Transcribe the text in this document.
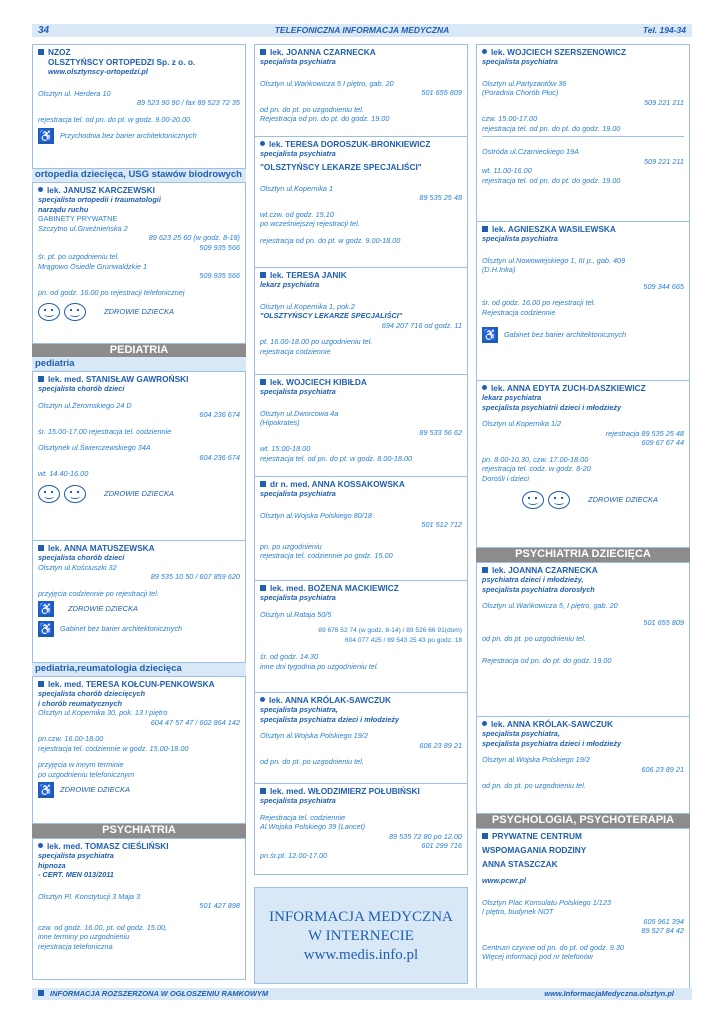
34	TELEFONICZNA INFORMACJA MEDYCZNA	Tel. 194-34
NZOZ
OLSZTYŃSCY ORTOPEDZI Sp. z o. o.
www.olsztynscy-ortopedzi.pl
Olsztyn ul. Herdera 10
89 523 90 90 / fax 89 523 72 35
rejestracja tel. od pn. do pt. w godz. 9.00-20.00
♿ Przychodnia bez barier architektonicznych
ortopedia dziecięca, USG stawów biodrowych
lek. JANUSZ KARCZEWSKI
specjalista ortopedii i traumatologii
narządu ruchu
GABINETY PRYWATNE
Szczytno ul.Gnieźnieńska 2
89 623 25 60 (w godz. 8-18)
509 935 566
śr. pt. po uzgodnieniu tel.
Mrągowo Osiedle Grunwaldzkie 1
509 935 566
pn. od godz. 16.00 po rejestracji telefonicznej
ZDROWIE DZIECKA
PEDIATRIA
pediatria
lek. med. STANISŁAW GAWROŃSKI
specjalista chorób dzieci
Olsztyn ul.Żeromskiego 24 D
604 236 674
śr. 15.00-17.00 rejestracja tel. codziennie
Olsztynek ul.Świerczewskiego 34A
604 236 674
wt. 14.40-16.00
ZDROWIE DZIECKA
lek. ANNA MATUSZEWSKA
specjalista chorób dzieci
Olsztyn ul.Kościuszki 32
89 535 10 50 / 607 859 620
przyjęcia codziennie po rejestracji tel.
♿ ZDROWIE DZIECKA
♿ Gabinet bez barier architektonicznych
pediatria,reumatologia dziecięca
lek. med. TERESA KOŁCUN-PENKOWSKA
specjalista chorób dziecięcych
i chorób reumatycznych
Olsztyn ul.Kopernika 30, pok. 13 I piętro
604 47 57 47 / 602 864 142
pn.czw. 16.00-18.00
rejestracja tel. codziennie w godz. 15.00-18.00
przyjęcia w innym terminie
po uzgodnieniu telefonicznym
♿ ZDROWIE DZIECKA
PSYCHIATRIA
lek. med. TOMASZ CIEŚLIŃSKI
specjalista psychiatra
hipnoza
- CERT. MEN 013/2011
Olsztyn Pl. Konstytucji 3 Maja 3
501 427 898
czw. od godz. 16.00, pt. od godz. 15.00,
inne terminy po uzgodnieniu
rejestracja telefoniczna
lek. JOANNA CZARNECKA
specjalista psychiatra
Olsztyn ul.Wańkowicza 5 I piętro, gab. 20
501 655 809
od pn. do pt. po uzgodnieniu tel.
Rejestracja od pn. do pt. do godz. 19.00
lek. TERESA DOROSZUK-BRONKIEWICZ
specjalista psychiatra
"OLSZTYŃSCY LEKARZE SPECJALIŚCI"
Olsztyn ul.Kopernika 1
89 535 25 48
wt.czw. od godz. 15.10
po wcześniejszej rejestracji tel.
rejestracja od pn. do pt. w godz. 9.00-18.00
lek. TERESA JANIK
lekarz psychiatra
Olsztyn ul.Kopernika 1, pok.2
"OLSZTYŃSCY LEKARZE SPECJALIŚCI"
694 207 716 od godz. 11
pt. 16.00-18.00 po uzgodnieniu tel.
rejestracja codziennie
lek. WOJCIECH KIBIŁDA
specjalista psychiatra
Olsztyn ul.Dworcowa 4a
(Hipokrates)
89 533 56 62
wt. 15.00-18.00
rejestracja tel. od pn. do pt. w godz. 8.00-18.00
dr n. med. ANNA KOSSAKOWSKA
specjalista psychiatra
Olsztyn al.Wojska Polskiego 80/18
501 512 712
pn. po uzgodnieniu
rejestracja tel. codziennie po godz. 15.00
lek. med. BOŻENA MACKIEWICZ
specjalista psychiatra
Olsztyn ul.Rataja 50/5
89 678 52 74 (w godz. 8-14) / 89 526 66 91(dom)
604 077 425 / 89 543 25 43 po godz. 18
śr. od godz. 14.30
inne dni tygodnia po uzgodnieniu tel.
lek. ANNA KRÓLAK-SAWCZUK
specjalista psychiatra,
specjalista psychiatra dzieci i młodzieży
Olsztyn al.Wojska Polskiego 19/2
606 23 89 21
od pn. do pt. po uzgodnieniu tel.
lek. med. WŁODZIMIERZ POŁUBIŃSKI
specjalista psychiatra
Rejestracja tel. codziennie
Al.Wojska Polskiego 39 (Lancet)
89 535 72 80 po 12.00
601 299 716
pn.śr.pt. 12.00-17.00
INFORMACJA MEDYCZNA
W INTERNECIE
www.medis.info.pl
lek. WOJCIECH SZERSZENOWICZ
specjalista psychiatra
Olsztyn ul.Partyzantów 36
(Poradnia Chorób Płuc)
509 221 211
czw. 15.00-17.00
rejestracja tel. od pn. do pt. do godz. 19.00
Ostróda ul.Czarnieckiego 19A
509 221 211
wt. 11.00-16.00
rejestracja tel. od pn. do pt. do godz. 19.00
lek. AGNIESZKA WASILEWSKA
specjalista psychiatra
Olsztyn ul.Nowowiejskiego 1, III p., gab. 409
(D.H.Inka)
509 344 665
śr. od godz. 16.00 po rejestracji tel.
Rejestracja codziennie
♿ Gabinet bez barier architektonicznych
lek. ANNA EDYTA ZUCH-DASZKIEWICZ
lekarz psychiatra
specjalista psychiatrii dzieci i młodzieży
Olsztyn ul.Kopernika 1/2
rejestracja 89 535 25 48
609 67 67 44
pn. 8.00-10.30, czw. 17.00-18.00
rejestracja tel. codz. w godz. 8-20
Dorośli i dzieci
ZDROWIE DZIECKA
PSYCHIATRIA DZIECIĘCA
lek. JOANNA CZARNECKA
psychiatra dzieci i młodzieży,
specjalista psychiatra dorosłych
Olsztyn ul.Wańkowicza 5, I piętro, gab. 20
501 655 809
od pn. do pt. po uzgodnieniu tel.
Rejestracja od pn. do pt. do godz. 19.00
lek. ANNA KRÓLAK-SAWCZUK
specjalista psychiatra,
specjalista psychiatra dzieci i młodzieży
Olsztyn al.Wojska Polskiego 19/2
606 23 89 21
od pn. do pt. po uzgodnieniu tel.
PSYCHOLOGIA, PSYCHOTERAPIA
PRYWATNE CENTRUM
WSPOMAGANIA RODZINY
ANNA STASZCZAK
www.pcwr.pl
Olsztyn Plac Konsulatu Polskiego 1/123
I piętro, budynek NOT
605 961 394
89 527 84 42
Centrum czynne od pn. do pt. od godz. 9.30
Więcej informacji pod nr telefonów
INFORMACJA ROZSZERZONA W OGŁOSZENIU RAMKOWYM	www.InformacjaMedyczna.olsztyn.pl
